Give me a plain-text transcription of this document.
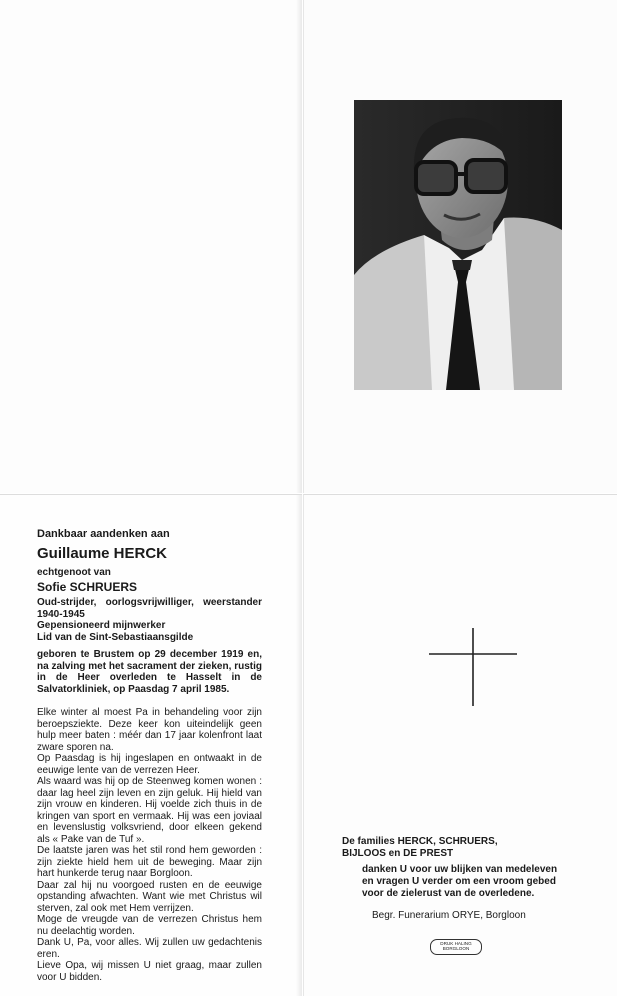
Dankbaar aandenken aan
Guillaume HERCK
echtgenoot van
Sofie SCHRUERS
Oud-strijder, oorlogsvrijwilliger, weerstander 1940-1945
Gepensioneerd mijnwerker
Lid van de Sint-Sebastiaansgilde
geboren te Brustem op 29 december 1919 en, na zalving met het sacrament der zieken, rustig in de Heer overleden te Hasselt in de Salvatorkliniek, op Paasdag 7 april 1985.
Elke winter al moest Pa in behandeling voor zijn beroepsziekte. Deze keer kon uiteindelijk geen hulp meer baten : méér dan 17 jaar kolenfront laat zware sporen na.
Op Paasdag is hij ingeslapen en ontwaakt in de eeuwige lente van de verrezen Heer.
Als waard was hij op de Steenweg komen wonen : daar lag heel zijn leven en zijn geluk. Hij hield van zijn vrouw en kinderen. Hij voelde zich thuis in de kringen van sport en vermaak. Hij was een joviaal en levenslustig volksvriend, door elkeen gekend als « Pake van de Tuf ».
De laatste jaren was het stil rond hem geworden : zijn ziekte hield hem uit de beweging. Maar zijn hart hunkerde terug naar Borgloon.
Daar zal hij nu voorgoed rusten en de eeuwige opstanding afwachten. Want wie met Christus wil sterven, zal ook met Hem verrijzen.
Moge de vreugde van de verrezen Christus hem nu deelachtig worden.
Dank U, Pa, voor alles. Wij zullen uw gedachtenis eren.
Lieve Opa, wij missen U niet graag, maar zullen voor U bidden.
De families HERCK, SCHRUERS,
BIJLOOS en DE PREST
danken U voor uw blijken van medeleven
en vragen U verder om een vroom gebed
voor de zielerust van de overledene.
Begr. Funerarium ORYE, Borgloon
DRUK HALING
BORGLOON
